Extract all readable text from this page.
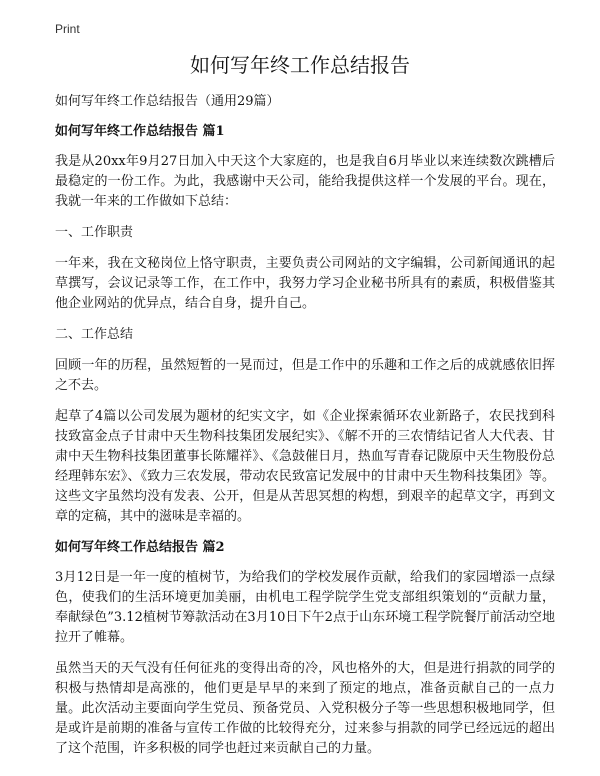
Print
如何写年终工作总结报告

如何写年终工作总结报告（通用29篇）

如何写年终工作总结报告 篇1

我是从20xx年9月27日加入中天这个大家庭的，也是我自6月毕业以来连续数次跳槽后最稳定的一份工作。为此，我感谢中天公司，能给我提供这样一个发展的平台。现在，我就一年来的工作做如下总结：

一、工作职责

一年来，我在文秘岗位上恪守职责，主要负责公司网站的文字编辑，公司新闻通讯的起草撰写，会议记录等工作，在工作中，我努力学习企业秘书所具有的素质，积极借鉴其他企业网站的优异点，结合自身，提升自己。

二、工作总结

回顾一年的历程，虽然短暂的一晃而过，但是工作中的乐趣和工作之后的成就感依旧挥之不去。

起草了4篇以公司发展为题材的纪实文字，如《企业探索循环农业新路子，农民找到科技致富金点子甘肃中天生物科技集团发展纪实》、《解不开的三农情结记省人大代表、甘肃中天生物科技集团董事长陈耀祥》、《急鼓催日月，热血写青春记陇原中天生物股份总经理韩东宏》、《致力三农发展，带动农民致富记发展中的甘肃中天生物科技集团》等。这些文字虽然均没有发表、公开，但是从苦思冥想的构想，到艰辛的起草文字，再到文章的定稿，其中的滋味是幸福的。

如何写年终工作总结报告 篇2

3月12日是一年一度的植树节，为给我们的学校发展作贡献，给我们的家园增添一点绿色，使我们的生活环境更加美丽，由机电工程学院学生党支部组织策划的“贡献力量，奉献绿色”3.12植树节筹款活动在3月10日下午2点于山东环境工程学院餐厅前活动空地拉开了帷幕。

虽然当天的天气没有任何征兆的变得出奇的冷，风也格外的大，但是进行捐款的同学的积极与热情却是高涨的，他们更是早早的来到了预定的地点，准备贡献自己的一点力量。此次活动主要面向学生党员、预备党员、入党积极分子等一些思想积极地同学，但是或许是前期的准备与宣传工作做的比较得充分，过来参与捐款的同学已经远远的超出了这个范围，许多积极的同学也赶过来贡献自己的力量。
